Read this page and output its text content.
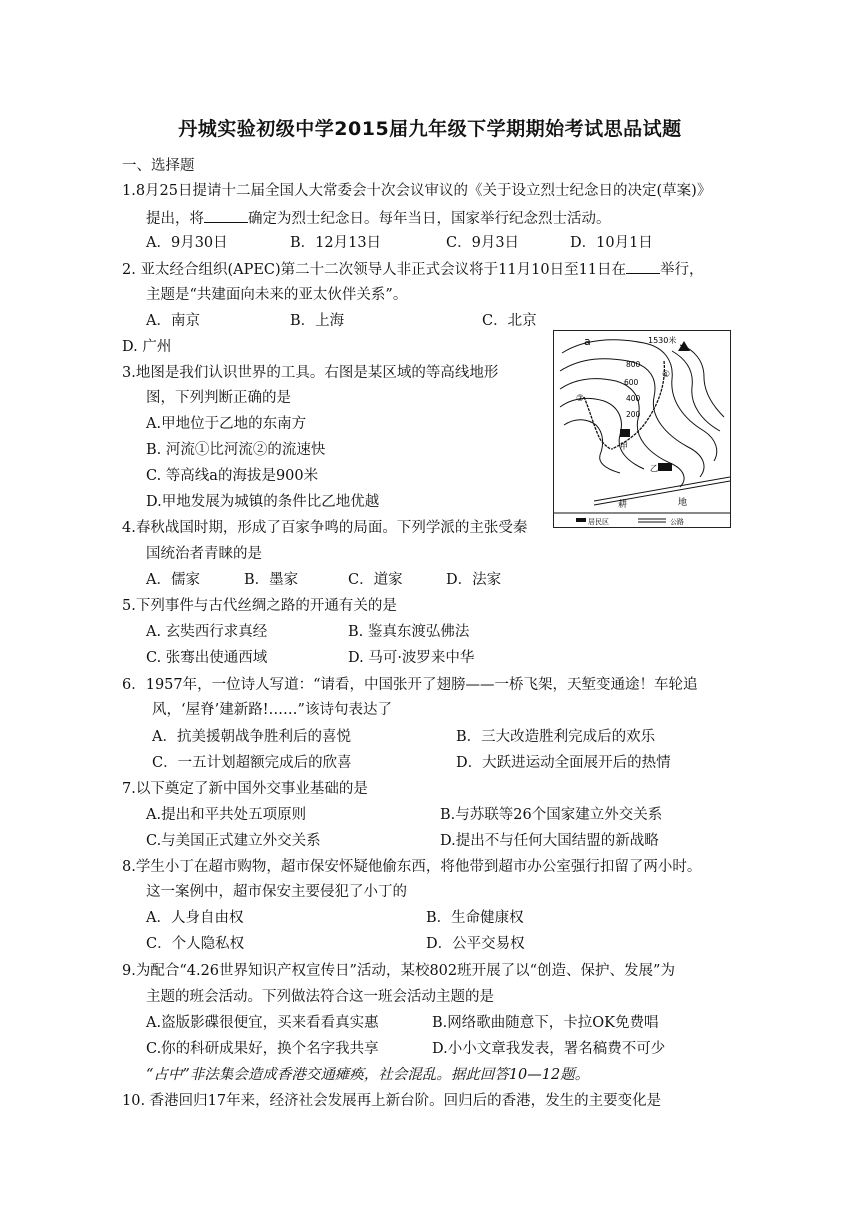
丹城实验初级中学2015届九年级下学期期始考试思品试题
一、选择题
1.8月25日提请十二届全国人大常委会十次会议审议的《关于设立烈士纪念日的决定(草案)》
提出，将	确定为烈士纪念日。每年当日，国家举行纪念烈士活动。
A．9月30日	B．12月13日	C．9月3日	D．10月1日
2. 亚太经合组织(APEC)第二十二次领导人非正式会议将于11月10日至11日在 举行，
主题是“共建面向未来的亚太伙伴关系”。
A．南京	B．上海	C．北京
D. 广州
3.地图是我们认识世界的工具。右图是某区域的等高线地形
图，下列判断正确的是
A.甲地位于乙地的东南方
B. 河流①比河流②的流速快
C. 等高线a的海拔是900米
D.甲地发展为城镇的条件比乙地优越
a	1530米
800
600
400
200
①
②
甲
乙
耕	地
居民区	公路
4.春秋战国时期，形成了百家争鸣的局面。下列学派的主张受秦
国统治者青睐的是
A．儒家	B．墨家	C．道家	D．法家
5.下列事件与古代丝绸之路的开通有关的是
A. 玄奘西行求真经	B. 鉴真东渡弘佛法
C. 张骞出使通西域	D. 马可·波罗来中华
6．1957年，一位诗人写道：“请看，中国张开了翅膀——一桥飞架，天堑变通途！车轮追
风，‘屋脊’建新路!……”该诗句表达了
A．抗美援朝战争胜利后的喜悦	B．三大改造胜利完成后的欢乐
C．一五计划超额完成后的欣喜	D．大跃进运动全面展开后的热情
7.以下奠定了新中国外交事业基础的是
A.提出和平共处五项原则	B.与苏联等26个国家建立外交关系
C.与美国正式建立外交关系	D.提出不与任何大国结盟的新战略
8.学生小丁在超市购物，超市保安怀疑他偷东西，将他带到超市办公室强行扣留了两小时。
这一案例中，超市保安主要侵犯了小丁的
A．人身自由权	B．生命健康权
C．个人隐私权	D．公平交易权
9.为配合“4.26世界知识产权宣传日”活动，某校802班开展了以“创造、保护、发展”为
主题的班会活动。下列做法符合这一班会活动主题的是
A.盗版影碟很便宜，买来看看真实惠	B.网络歌曲随意下，卡拉OK免费唱
C.你的科研成果好，换个名字我共享	D.小小文章我发表，署名稿费不可少
“占中”非法集会造成香港交通瘫痪，社会混乱。据此回答10—12题。
10. 香港回归17年来，经济社会发展再上新台阶。回归后的香港，发生的主要变化是
